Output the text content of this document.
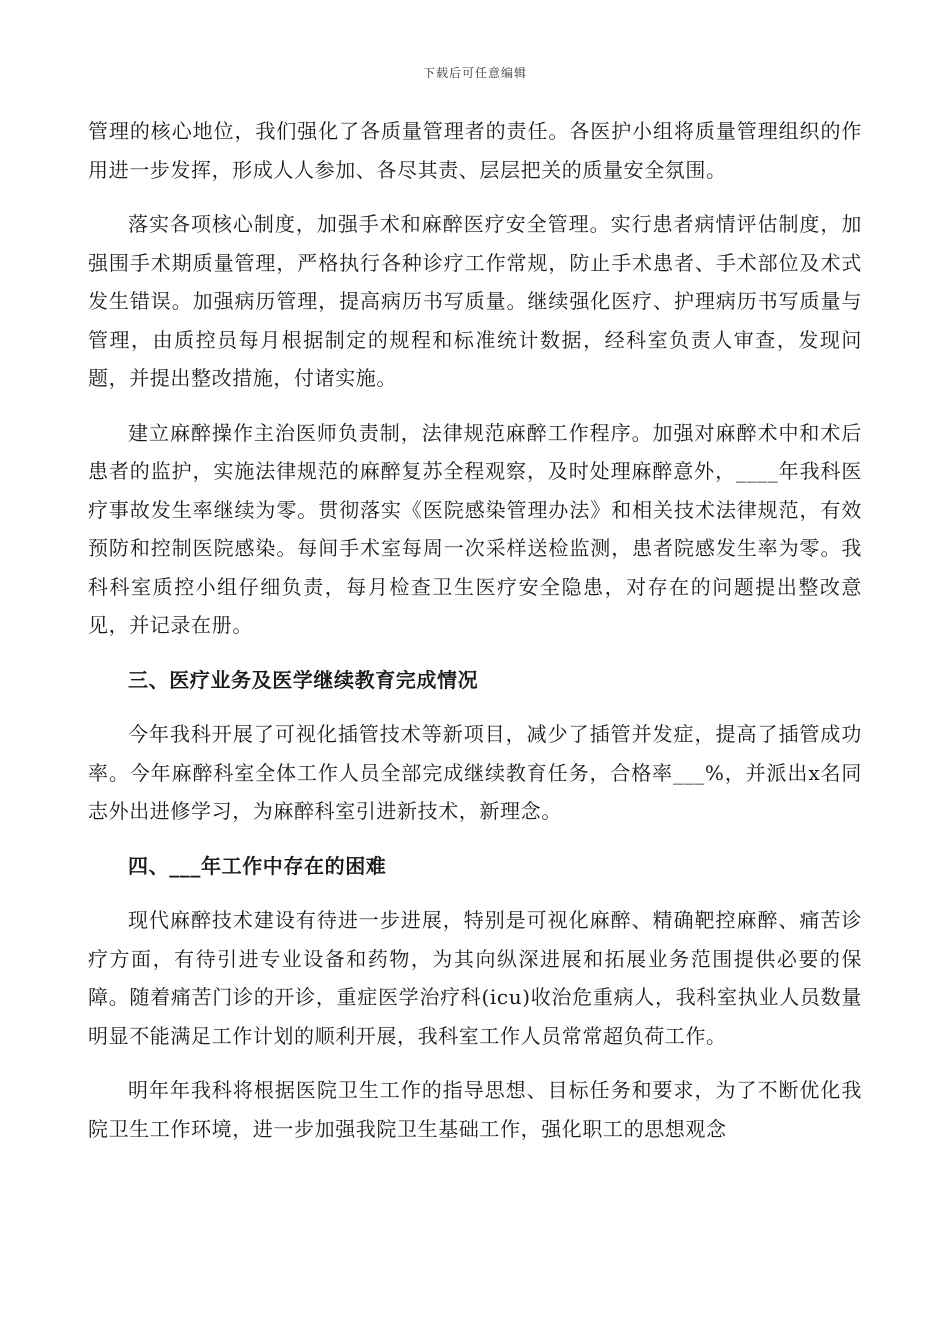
下载后可任意编辑

管理的核心地位，我们强化了各质量管理者的责任。各医护小组将质量管理组织的作用进一步发挥，形成人人参加、各尽其责、层层把关的质量安全氛围。

落实各项核心制度，加强手术和麻醉医疗安全管理。实行患者病情评估制度，加强围手术期质量管理，严格执行各种诊疗工作常规，防止手术患者、手术部位及术式发生错误。加强病历管理，提高病历书写质量。继续强化医疗、护理病历书写质量与管理，由质控员每月根据制定的规程和标准统计数据，经科室负责人审查，发现问题，并提出整改措施，付诸实施。

建立麻醉操作主治医师负责制，法律规范麻醉工作程序。加强对麻醉术中和术后患者的监护，实施法律规范的麻醉复苏全程观察，及时处理麻醉意外，____年我科医疗事故发生率继续为零。贯彻落实《医院感染管理办法》和相关技术法律规范，有效预防和控制医院感染。每间手术室每周一次采样送检监测，患者院感发生率为零。我科科室质控小组仔细负责，每月检查卫生医疗安全隐患，对存在的问题提出整改意见，并记录在册。

三、医疗业务及医学继续教育完成情况

今年我科开展了可视化插管技术等新项目，减少了插管并发症，提高了插管成功率。今年麻醉科室全体工作人员全部完成继续教育任务，合格率___%，并派出x名同志外出进修学习，为麻醉科室引进新技术，新理念。

四、___年工作中存在的困难

现代麻醉技术建设有待进一步进展，特别是可视化麻醉、精确靶控麻醉、痛苦诊疗方面，有待引进专业设备和药物，为其向纵深进展和拓展业务范围提供必要的保障。随着痛苦门诊的开诊，重症医学治疗科(icu)收治危重病人，我科室执业人员数量明显不能满足工作计划的顺利开展，我科室工作人员常常超负荷工作。

明年年我科将根据医院卫生工作的指导思想、目标任务和要求，为了不断优化我院卫生工作环境，进一步加强我院卫生基础工作，强化职工的思想观念
